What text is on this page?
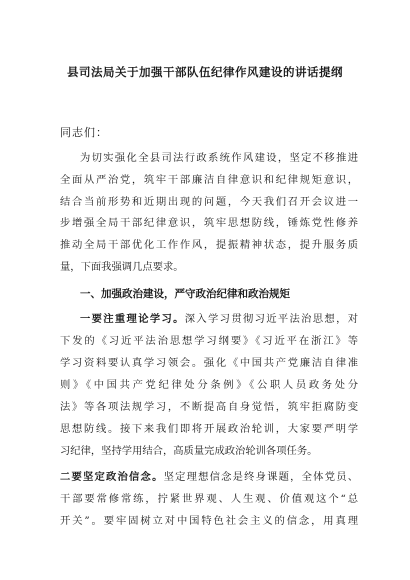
县司法局关于加强干部队伍纪律作风建设的讲话提纲
同志们：
为切实强化全县司法行政系统作风建设，坚定不移推进
全面从严治党，筑牢干部廉洁自律意识和纪律规矩意识，
结合当前形势和近期出现的问题，今天我们召开会议进一
步增强全局干部纪律意识，筑牢思想防线，锤炼党性修养
推动全局干部优化工作作风，提振精神状态，提升服务质
量，下面我强调几点要求。
一、加强政治建设，严守政治纪律和政治规矩
一要注重理论学习。深入学习贯彻习近平法治思想，对
下发的《习近平法治思想学习纲要》《习近平在浙江》等
学习资料要认真学习领会。强化《中国共产党廉洁自律准
则》《中国共产党纪律处分条例》《公职人员政务处分
法》等各项法规学习，不断提高自身觉悟，筑牢拒腐防变
思想防线。接下来我们即将开展政治轮训，大家要严明学
习纪律，坚持学用结合，高质量完成政治轮训各项任务。
二要坚定政治信念。坚定理想信念是终身课题，全体党员、
干部要常修常练，拧紧世界观、人生观、价值观这个“总
开关”。要牢固树立对中国特色社会主义的信念，用真理
